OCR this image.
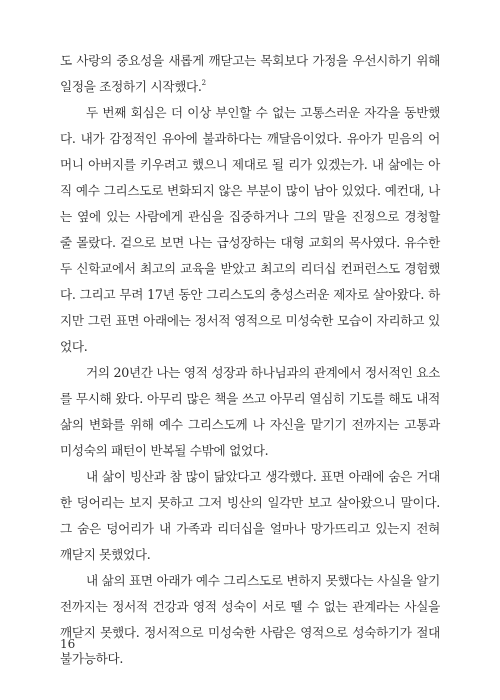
도 사랑의 중요성을 새롭게 깨닫고는 목회보다 가정을 우선시하기 위해 일정을 조정하기 시작했다.$^2$

두 번째 회심은 더 이상 부인할 수 없는 고통스러운 자각을 동반했다. 내가 감정적인 유아에 불과하다는 깨달음이었다. 유아가 믿음의 어머니 아버지를 키우려고 했으니 제대로 될 리가 있겠는가. 내 삶에는 아직 예수 그리스도로 변화되지 않은 부분이 많이 남아 있었다. 예컨대, 나는 옆에 있는 사람에게 관심을 집중하거나 그의 말을 진정으로 경청할 줄 몰랐다. 겉으로 보면 나는 급성장하는 대형 교회의 목사였다. 유수한 두 신학교에서 최고의 교육을 받았고 최고의 리더십 컨퍼런스도 경험했다. 그리고 무려 17년 동안 그리스도의 충성스러운 제자로 살아왔다. 하지만 그런 표면 아래에는 정서적 영적으로 미성숙한 모습이 자리하고 있었다.

거의 20년간 나는 영적 성장과 하나님과의 관계에서 정서적인 요소를 무시해 왔다. 아무리 많은 책을 쓰고 아무리 열심히 기도를 해도 내적 삶의 변화를 위해 예수 그리스도께 나 자신을 맡기기 전까지는 고통과 미성숙의 패턴이 반복될 수밖에 없었다.

내 삶이 빙산과 참 많이 닮았다고 생각했다. 표면 아래에 숨은 거대한 덩어리는 보지 못하고 그저 빙산의 일각만 보고 살아왔으니 말이다. 그 숨은 덩어리가 내 가족과 리더십을 얼마나 망가뜨리고 있는지 전혀 깨닫지 못했었다.

내 삶의 표면 아래가 예수 그리스도로 변하지 못했다는 사실을 알기 전까지는 정서적 건강과 영적 성숙이 서로 뗄 수 없는 관계라는 사실을 깨닫지 못했다. 정서적으로 미성숙한 사람은 영적으로 성숙하기가 절대 불가능하다.

16
